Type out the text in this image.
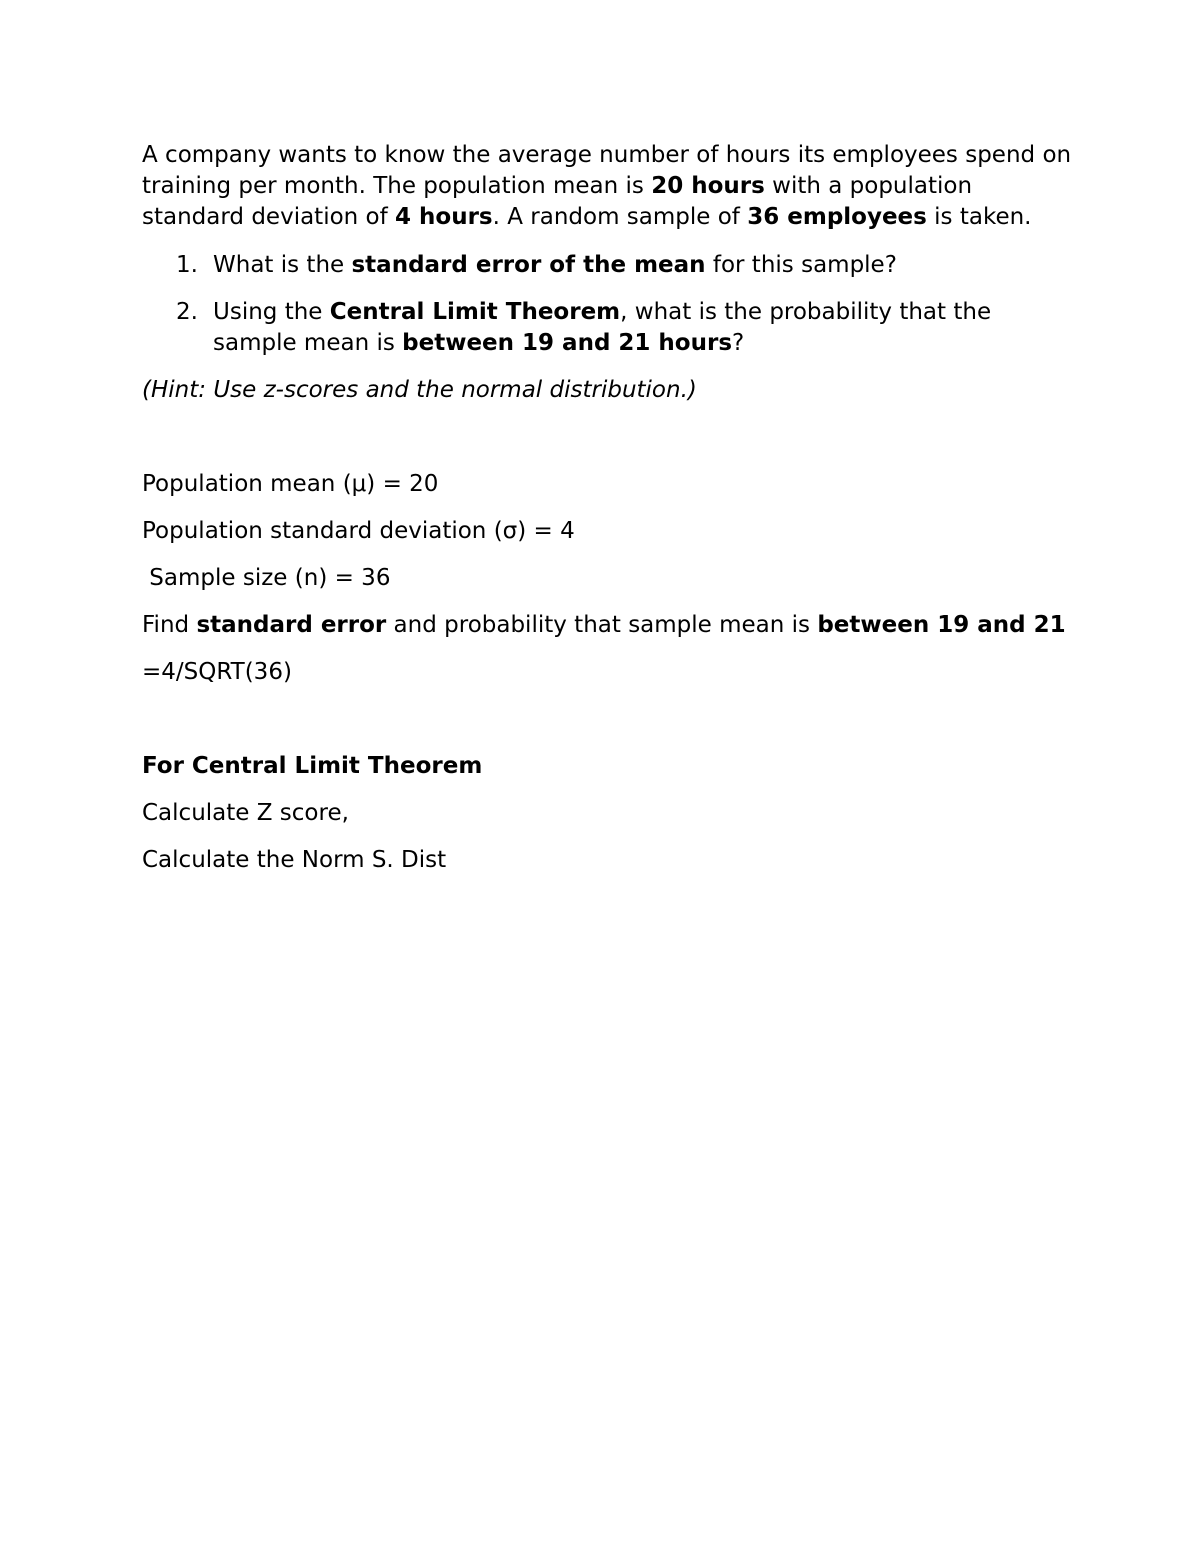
A company wants to know the average number of hours its employees spend on training per month. The population mean is 20 hours with a population standard deviation of 4 hours. A random sample of 36 employees is taken.

1. What is the standard error of the mean for this sample?
2. Using the Central Limit Theorem, what is the probability that the sample mean is between 19 and 21 hours?

(Hint: Use z-scores and the normal distribution.)

Population mean (μ) = 20

Population standard deviation (σ) = 4

Sample size (n) = 36

Find standard error and probability that sample mean is between 19 and 21

=4/SQRT(36)

For Central Limit Theorem

Calculate Z score,

Calculate the Norm S. Dist
